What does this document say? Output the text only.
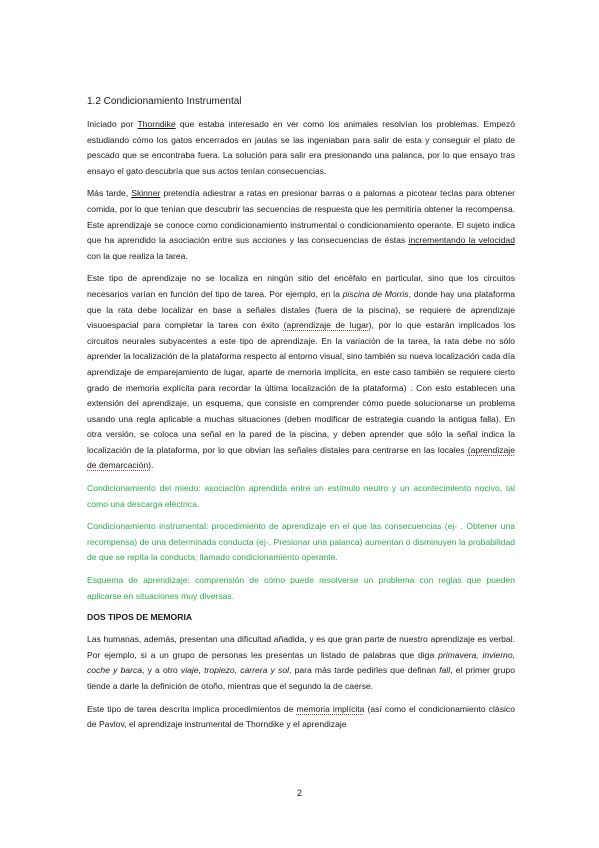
1.2 Condicionamiento Instrumental

Iniciado por Thorndike que estaba interesado en ver como los animales resolvían los problemas. Empezó estudiando cómo los gatos encerrados en jaulas se las ingeniaban para salir de esta y conseguir el plato de pescado que se encontraba fuera. La solución para salir era presionando una palanca, por lo que ensayo tras ensayo el gato descubría que sus actos tenían consecuencias.

Más tarde, Skinner pretendía adiestrar a ratas en presionar barras o a palomas a picotear teclas para obtener comida, por lo que tenían que descubrir las secuencias de respuesta que les permitiría obtener la recompensa. Este aprendizaje se conoce como condicionamiento instrumental o condicionamiento operante. El sujeto indica que ha aprendido la asociación entre sus acciones y las consecuencias de éstas incrementando la velocidad con la que realiza la tarea.

Este tipo de aprendizaje no se localiza en ningún sitio del encéfalo en particular, sino que los circuitos necesarios varían en función del tipo de tarea. Por ejemplo, en la piscina de Morris, donde hay una plataforma que la rata debe localizar en base a señales distales (fuera de la piscina), se requiere de aprendizaje visuoespacial para completar la tarea con éxito (aprendizaje de lugar), por lo que estarán implicados los circuitos neurales subyacentes a este tipo de aprendizaje. En la variación de la tarea, la rata debe no sólo aprender la localización de la plataforma respecto al entorno visual, sino también su nueva localización cada día aprendizaje de emparejamiento de lugar, aparte de memoria implícita, en este caso también se requiere cierto grado de memoria explícita para recordar la última localización de la plataforma) . Con esto establecen una extensión del aprendizaje, un esquema, que consiste en comprender cómo puede solucionarse un problema usando una regla aplicable a muchas situaciones (deben modificar de estrategia cuando la antigua falla). En otra versión, se coloca una señal en la pared de la piscina, y deben aprender que sólo la señal indica la localización de la plataforma, por lo que obvian las señales distales para centrarse en las locales (aprendizaje de demarcación).

Condicionamiento del miedo: asociación aprendida entre un estímulo neutro y un acontecimiento nocivo, tal como una descarga eléctrica.

Condicionamiento instrumental: procedimiento de aprendizaje en el que las consecuencias (ej- . Obtener una recompensa) de una determinada conducta (ej-. Presionar una palanca) aumentan o disminuyen la probabilidad de que se repita la conducta; llamado condicionamiento operante.

Esquema de aprendizaje: comprensión de cómo puede resolverse un problema con reglas que pueden aplicarse en situaciones muy diversas.

DOS TIPOS DE MEMORIA

Las humanas, además, presentan una dificultad añadida, y es que gran parte de nuestro aprendizaje es verbal. Por ejemplo, si a un grupo de personas les presentas un listado de palabras que diga primavera, invierno, coche y barca, y a otro viaje, tropiezo, carrera y sol, para más tarde pedirles que definan fall, el primer grupo tiende a darle la definición de otoño, mientras que el segundo la de caerse.

Este tipo de tarea descrita implica procedimientos de memoria implícita (así como el condicionamiento clásico de Pavlov, el aprendizaje instrumental de Thorndike y el aprendizaje

2
